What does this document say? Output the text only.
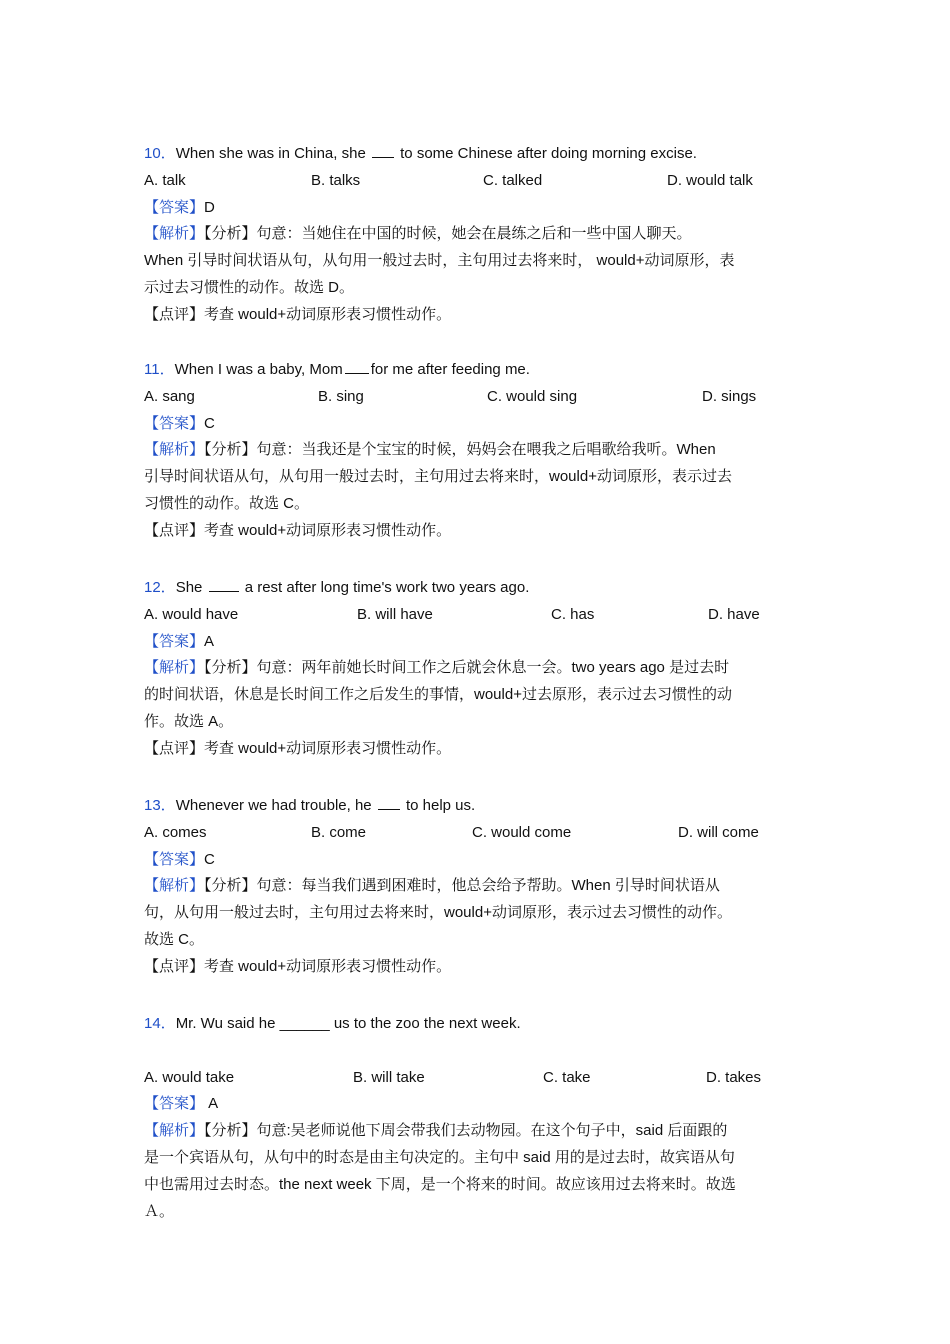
10．When she was in China, she  to some Chinese after doing morning excise.
A. talk	B. talks	C. talked	D. would talk
【答案】D
【解析】【分析】句意：当她住在中国的时候，她会在晨练之后和一些中国人聊天。
When 引导时间状语从句，从句用一般过去时，主句用过去将来时， would+动词原形，表
示过去习惯性的动作。故选 D。
【点评】考查 would+动词原形表习惯性动作。
11．When I was a baby, Mom for me after feeding me.
A. sang	B. sing	C. would sing	D. sings
【答案】C
【解析】【分析】句意：当我还是个宝宝的时候，妈妈会在喂我之后唱歌给我听。When
引导时间状语从句，从句用一般过去时，主句用过去将来时，would+动词原形，表示过去
习惯性的动作。故选 C。
【点评】考查 would+动词原形表习惯性动作。
12．She  a rest after long time's work two years ago.
A. would have	B. will have	C. has	D. have
【答案】A
【解析】【分析】句意：两年前她长时间工作之后就会休息一会。two years ago 是过去时
的时间状语，休息是长时间工作之后发生的事情，would+过去原形，表示过去习惯性的动
作。故选 A。
【点评】考查 would+动词原形表习惯性动作。
13．Whenever we had trouble, he  to help us.
A. comes	B. come	C. would come	D. will come
【答案】C
【解析】【分析】句意：每当我们遇到困难时，他总会给予帮助。When 引导时间状语从
句，从句用一般过去时，主句用过去将来时，would+动词原形，表示过去习惯性的动作。
故选 C。
【点评】考查 would+动词原形表习惯性动作。
14．Mr. Wu said he ______ us to the zoo the next week.
A. would take	B. will take	C. take	D. takes
【答案】 A
【解析】【分析】句意:吴老师说他下周会带我们去动物园。在这个句子中，said 后面跟的
是一个宾语从句，从句中的时态是由主句决定的。主句中 said 用的是过去时，故宾语从句
中也需用过去时态。the next week 下周，是一个将来的时间。故应该用过去将来时。故选
Ａ。
